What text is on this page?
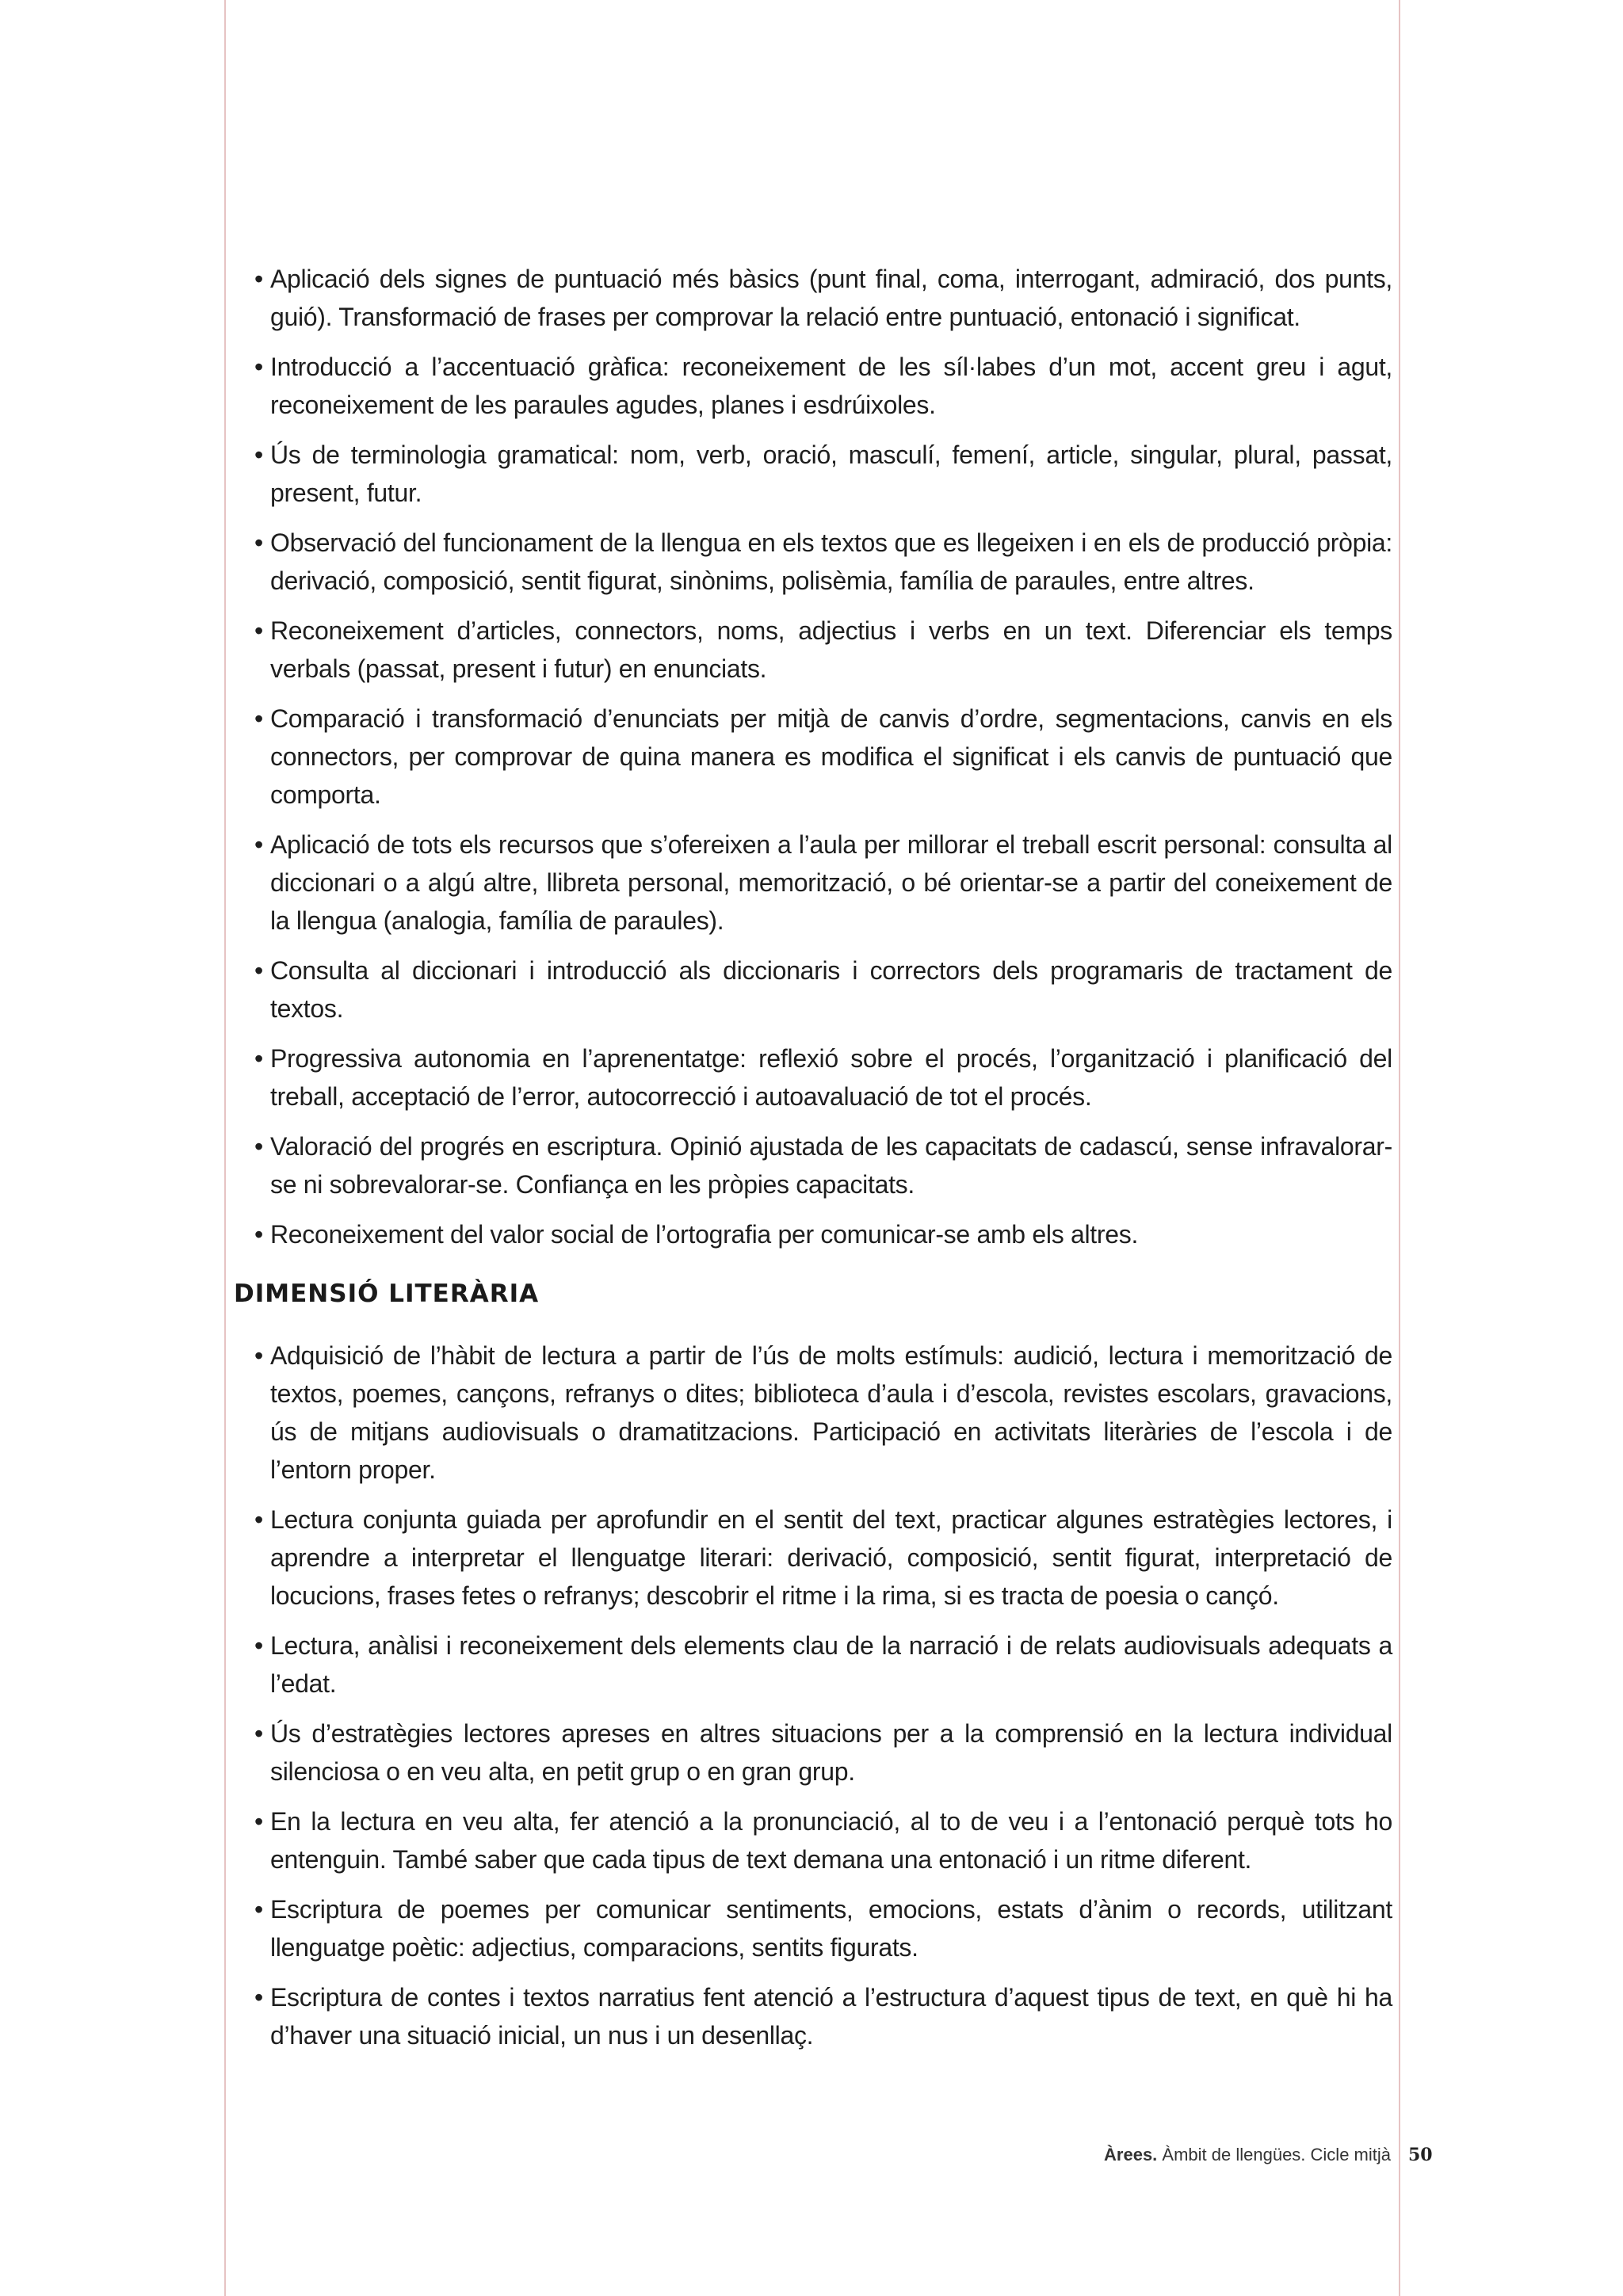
• Aplicació dels signes de puntuació més bàsics (punt final, coma, interrogant, admiració, dos punts, guió). Transformació de frases per comprovar la relació entre puntuació, entonació i significat.
• Introducció a l’accentuació gràfica: reconeixement de les síl·labes d’un mot, accent greu i agut, reconeixement de les paraules agudes, planes i esdrúixoles.
• Ús de terminologia gramatical: nom, verb, oració, masculí, femení, article, singular, plural, passat, present, futur.
• Observació del funcionament de la llengua en els textos que es llegeixen i en els de producció pròpia: derivació, composició, sentit figurat, sinònims, polisèmia, família de paraules, entre altres.
• Reconeixement d’articles, connectors, noms, adjectius i verbs en un text. Diferenciar els temps verbals (passat, present i futur) en enunciats.
• Comparació i transformació d’enunciats per mitjà de canvis d’ordre, segmentacions, canvis en els connectors, per comprovar de quina manera es modifica el significat i els canvis de puntuació que comporta.
• Aplicació de tots els recursos que s’ofereixen a l’aula per millorar el treball escrit personal: consulta al diccionari o a algú altre, llibreta personal, memorització, o bé orientar-se a partir del coneixement de la llengua (analogia, família de paraules).
• Consulta al diccionari i introducció als diccionaris i correctors dels programaris de tractament de textos.
• Progressiva autonomia en l’aprenentatge: reflexió sobre el procés, l’organització i planificació del treball, acceptació de l’error, autocorrecció i autoavaluació de tot el procés.
• Valoració del progrés en escriptura. Opinió ajustada de les capacitats de cadascú, sense infravalorar-se ni sobrevalorar-se. Confiança en les pròpies capacitats.
• Reconeixement del valor social de l’ortografia per comunicar-se amb els altres.
DIMENSIÓ LITERÀRIA
• Adquisició de l’hàbit de lectura a partir de l’ús de molts estímuls: audició, lectura i memorització de textos, poemes, cançons, refranys o dites; biblioteca d’aula i d’escola, revistes escolars, gravacions, ús de mitjans audiovisuals o dramatitzacions. Participació en activitats literàries de l’escola i de l’entorn proper.
• Lectura conjunta guiada per aprofundir en el sentit del text, practicar algunes estratègies lectores, i aprendre a interpretar el llenguatge literari: derivació, composició, sentit figurat, interpretació de locucions, frases fetes o refranys; descobrir el ritme i la rima, si es tracta de poesia o cançó.
• Lectura, anàlisi i reconeixement dels elements clau de la narració i de relats audiovisuals adequats a l’edat.
• Ús d’estratègies lectores apreses en altres situacions per a la comprensió en la lectura individual silenciosa o en veu alta, en petit grup o en gran grup.
• En la lectura en veu alta, fer atenció a la pronunciació, al to de veu i a l’entonació perquè tots ho entenguin. També saber que cada tipus de text demana una entonació i un ritme diferent.
• Escriptura de poemes per comunicar sentiments, emocions, estats d’ànim o records, utilitzant llenguatge poètic: adjectius, comparacions, sentits figurats.
• Escriptura de contes i textos narratius fent atenció a l’estructura d’aquest tipus de text, en què hi ha d’haver una situació inicial, un nus i un desenllaç.
Àrees. Àmbit de llengües. Cicle mitjà 50
